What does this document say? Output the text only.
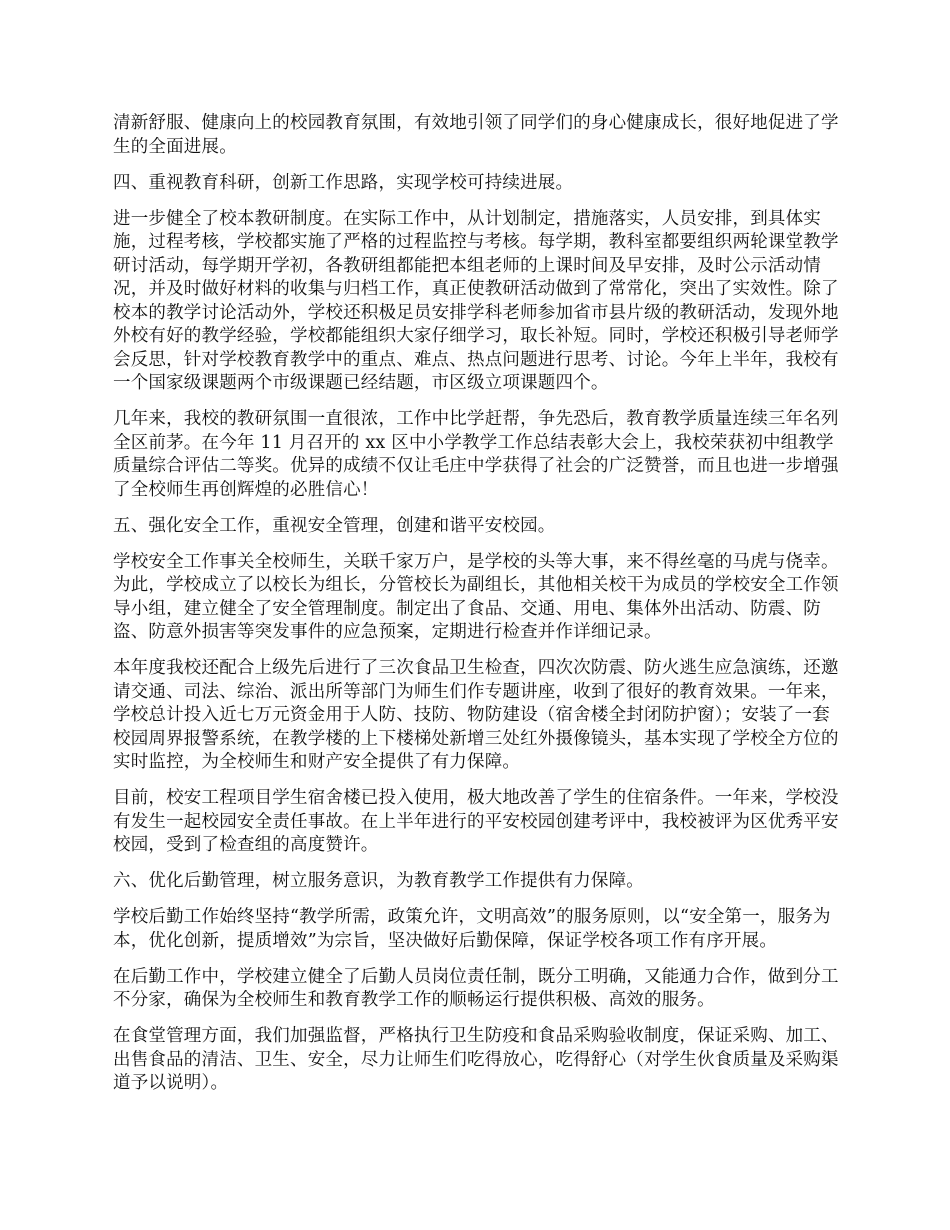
清新舒服、健康向上的校园教育氛围，有效地引领了同学们的身心健康成长，很好地促进了学生的全面进展。

四、重视教育科研，创新工作思路，实现学校可持续进展。

进一步健全了校本教研制度。在实际工作中，从计划制定，措施落实，人员安排，到具体实施，过程考核，学校都实施了严格的过程监控与考核。每学期，教科室都要组织两轮课堂教学研讨活动，每学期开学初，各教研组都能把本组老师的上课时间及早安排，及时公示活动情况，并及时做好材料的收集与归档工作，真正使教研活动做到了常常化，突出了实效性。除了校本的教学讨论活动外，学校还积极足员安排学科老师参加省市县片级的教研活动，发现外地外校有好的教学经验，学校都能组织大家仔细学习，取长补短。同时，学校还积极引导老师学会反思，针对学校教育教学中的重点、难点、热点问题进行思考、讨论。今年上半年，我校有一个国家级课题两个市级课题已经结题，市区级立项课题四个。

几年来，我校的教研氛围一直很浓，工作中比学赶帮，争先恐后，教育教学质量连续三年名列全区前茅。在今年 11 月召开的 xx 区中小学教学工作总结表彰大会上，我校荣获初中组教学质量综合评估二等奖。优异的成绩不仅让毛庄中学获得了社会的广泛赞誉，而且也进一步增强了全校师生再创辉煌的必胜信心！

五、强化安全工作，重视安全管理，创建和谐平安校园。

学校安全工作事关全校师生，关联千家万户，是学校的头等大事，来不得丝毫的马虎与侥幸。为此，学校成立了以校长为组长，分管校长为副组长，其他相关校干为成员的学校安全工作领导小组，建立健全了安全管理制度。制定出了食品、交通、用电、集体外出活动、防震、防盗、防意外损害等突发事件的应急预案，定期进行检查并作详细记录。

本年度我校还配合上级先后进行了三次食品卫生检查，四次次防震、防火逃生应急演练，还邀请交通、司法、综治、派出所等部门为师生们作专题讲座，收到了很好的教育效果。一年来，学校总计投入近七万元资金用于人防、技防、物防建设（宿舍楼全封闭防护窗）；安装了一套校园周界报警系统，在教学楼的上下楼梯处新增三处红外摄像镜头，基本实现了学校全方位的实时监控，为全校师生和财产安全提供了有力保障。

目前，校安工程项目学生宿舍楼已投入使用，极大地改善了学生的住宿条件。一年来，学校没有发生一起校园安全责任事故。在上半年进行的平安校园创建考评中，我校被评为区优秀平安校园，受到了检查组的高度赞许。

六、优化后勤管理，树立服务意识，为教育教学工作提供有力保障。

学校后勤工作始终坚持“教学所需，政策允许，文明高效”的服务原则，以“安全第一，服务为本，优化创新，提质增效”为宗旨，坚决做好后勤保障，保证学校各项工作有序开展。

在后勤工作中，学校建立健全了后勤人员岗位责任制，既分工明确，又能通力合作，做到分工不分家，确保为全校师生和教育教学工作的顺畅运行提供积极、高效的服务。

在食堂管理方面，我们加强监督，严格执行卫生防疫和食品采购验收制度，保证采购、加工、出售食品的清洁、卫生、安全，尽力让师生们吃得放心，吃得舒心（对学生伙食质量及采购渠道予以说明）。
